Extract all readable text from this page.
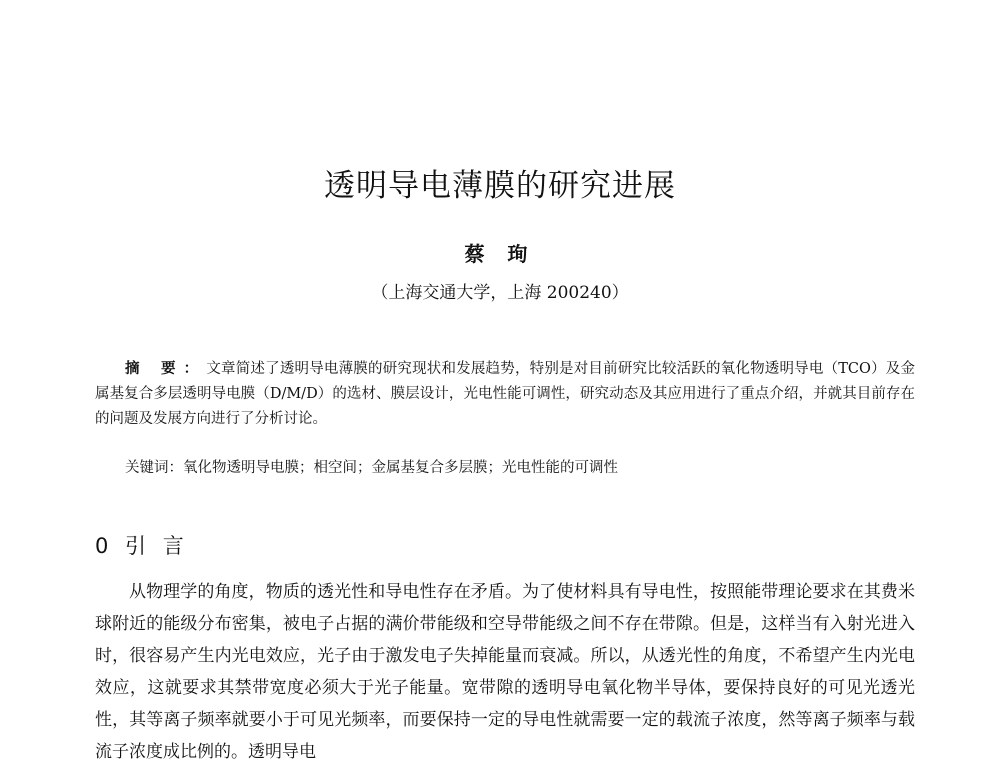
透明导电薄膜的研究进展
蔡 珣
（上海交通大学，上海 200240）
摘 要：文章简述了透明导电薄膜的研究现状和发展趋势，特别是对目前研究比较活跃的氧化物透明导电（TCO）及金属基复合多层透明导电膜（D/M/D）的选材、膜层设计，光电性能可调性，研究动态及其应用进行了重点介绍，并就其目前存在的问题及发展方向进行了分析讨论。
关键词：氧化物透明导电膜；相空间；金属基复合多层膜；光电性能的可调性
0 引 言

从物理学的角度，物质的透光性和导电性存在矛盾。为了使材料具有导电性，按照能带理论要求在其费米球附近的能级分布密集，被电子占据的满价带能级和空导带能级之间不存在带隙。但是，这样当有入射光进入时，很容易产生内光电效应，光子由于激发电子失掉能量而衰减。所以，从透光性的角度，不希望产生内光电效应，这就要求其禁带宽度必须大于光子能量。宽带隙的透明导电氧化物半导体，要保持良好的可见光透光性，其等离子频率就要小于可见光频率，而要保持一定的导电性就需要一定的载流子浓度，然等离子频率与载流子浓度成比例的。透明导电
